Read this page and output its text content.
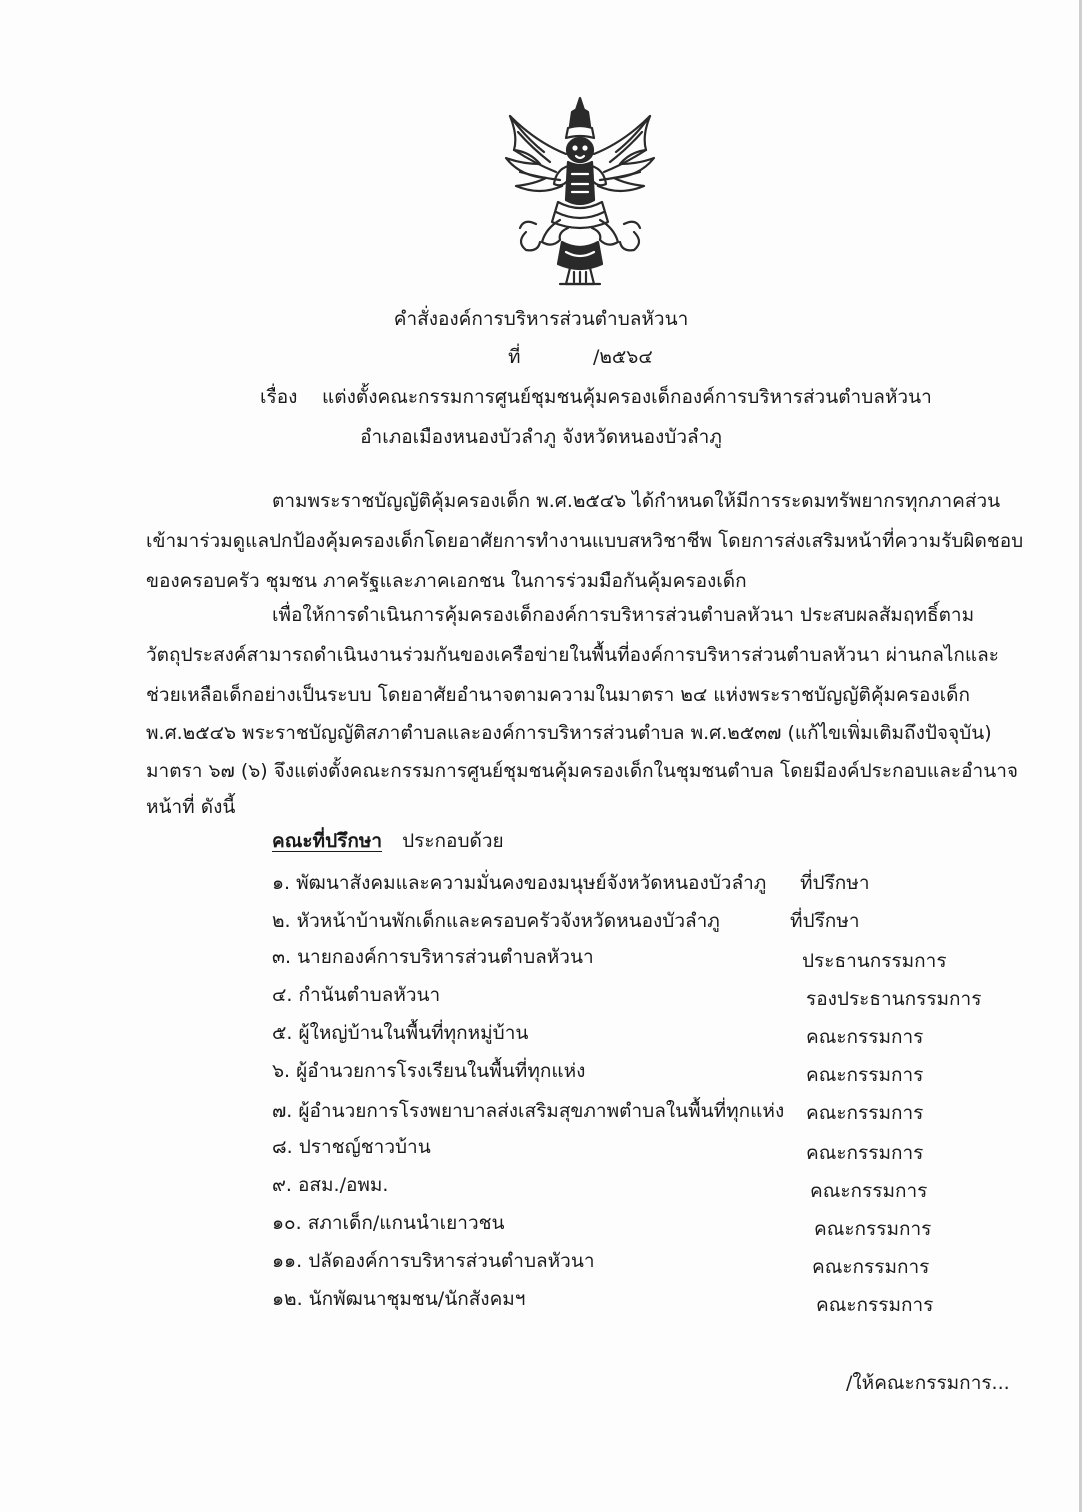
คำสั่งองค์การบริหารส่วนตำบลหัวนา
ที่            /๒๕๖๔
เรื่อง แต่งตั้งคณะกรรมการศูนย์ชุมชนคุ้มครองเด็กองค์การบริหารส่วนตำบลหัวนา
อำเภอเมืองหนองบัวลำภู จังหวัดหนองบัวลำภู
ตามพระราชบัญญัติคุ้มครองเด็ก พ.ศ.๒๕๔๖ ได้กำหนดให้มีการระดมทรัพยากรทุกภาคส่วน
เข้ามาร่วมดูแลปกป้องคุ้มครองเด็กโดยอาศัยการทำงานแบบสหวิชาชีพ โดยการส่งเสริมหน้าที่ความรับผิดชอบ
ของครอบครัว ชุมชน ภาครัฐและภาคเอกชน ในการร่วมมือกันคุ้มครองเด็ก
เพื่อให้การดำเนินการคุ้มครองเด็กองค์การบริหารส่วนตำบลหัวนา ประสบผลสัมฤทธิ์ตาม
วัตถุประสงค์สามารถดำเนินงานร่วมกันของเครือข่ายในพื้นที่องค์การบริหารส่วนตำบลหัวนา ผ่านกลไกและ
ช่วยเหลือเด็กอย่างเป็นระบบ โดยอาศัยอำนาจตามความในมาตรา ๒๔ แห่งพระราชบัญญัติคุ้มครองเด็ก
พ.ศ.๒๕๔๖ พระราชบัญญัติสภาตำบลและองค์การบริหารส่วนตำบล พ.ศ.๒๕๓๗ (แก้ไขเพิ่มเติมถึงปัจจุบัน)
มาตรา ๖๗ (๖) จึงแต่งตั้งคณะกรรมการศูนย์ชุมชนคุ้มครองเด็กในชุมชนตำบล โดยมีองค์ประกอบและอำนาจ
หน้าที่ ดังนี้
คณะที่ปรึกษา ประกอบด้วย
๑. พัฒนาสังคมและความมั่นคงของมนุษย์จังหวัดหนองบัวลำภู ที่ปรึกษา
๒. หัวหน้าบ้านพักเด็กและครอบครัวจังหวัดหนองบัวลำภู	ที่ปรึกษา
๓. นายกองค์การบริหารส่วนตำบลหัวนา	ประธานกรรมการ
๔. กำนันตำบลหัวนา	รองประธานกรรมการ
๕. ผู้ใหญ่บ้านในพื้นที่ทุกหมู่บ้าน	คณะกรรมการ
๖. ผู้อำนวยการโรงเรียนในพื้นที่ทุกแห่ง	คณะกรรมการ
๗. ผู้อำนวยการโรงพยาบาลส่งเสริมสุขภาพตำบลในพื้นที่ทุกแห่ง คณะกรรมการ
๘. ปราชญ์ชาวบ้าน	คณะกรรมการ
๙. อสม./อพม.	คณะกรรมการ
๑๐. สภาเด็ก/แกนนำเยาวชน	คณะกรรมการ
๑๑. ปลัดองค์การบริหารส่วนตำบลหัวนา	คณะกรรมการ
๑๒. นักพัฒนาชุมชน/นักสังคมฯ	คณะกรรมการ
/ให้คณะกรรมการ...
